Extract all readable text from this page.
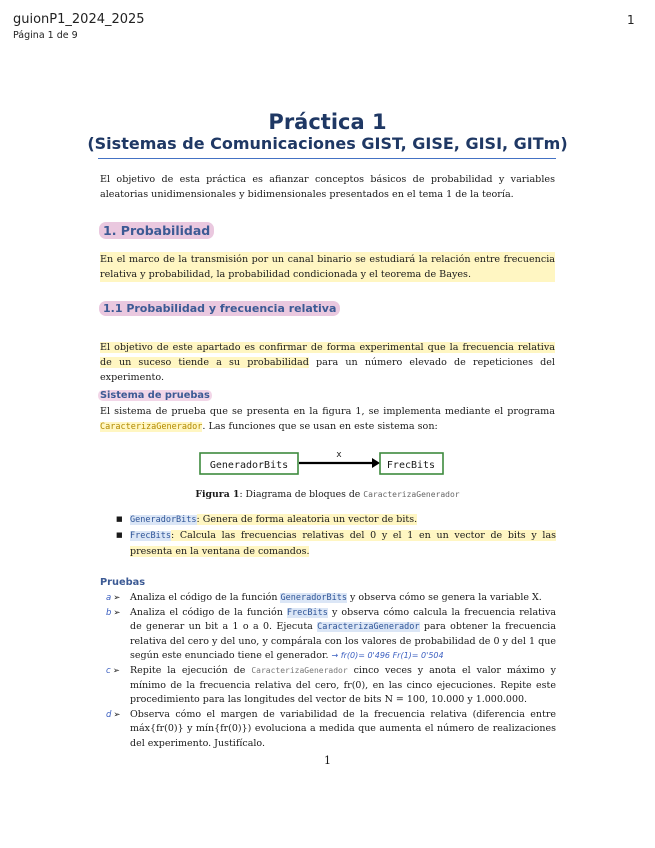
guionP1_2024_2025
Página 1 de 9
1
Práctica 1
(Sistemas de Comunicaciones GIST, GISE, GISI, GITm)
El objetivo de esta práctica es afianzar conceptos básicos de probabilidad y variables aleatorias unidimensionales y bidimensionales presentados en el tema 1 de la teoría.
1. Probabilidad
En el marco de la transmisión por un canal binario se estudiará la relación entre frecuencia relativa y probabilidad, la probabilidad condicionada y el teorema de Bayes.
1.1 Probabilidad y frecuencia relativa
El objetivo de este apartado es confirmar de forma experimental que la frecuencia relativa de un suceso tiende a su probabilidad para un número elevado de repeticiones del experimento.
Sistema de pruebas
El sistema de prueba que se presenta en la figura 1, se implementa mediante el programa CaracterizaGenerador. Las funciones que se usan en este sistema son:
GeneradorBits
x
FrecBits
Figura 1: Diagrama de bloques de CaracterizaGenerador
■ GeneradorBits: Genera de forma aleatoria un vector de bits.
■ FrecBits: Calcula las frecuencias relativas del 0 y el 1 en un vector de bits y las presenta en la ventana de comandos.
Pruebas
a ➢ Analiza el código de la función GeneradorBits y observa cómo se genera la variable X.
b ➢ Analiza el código de la función FrecBits y observa cómo calcula la frecuencia relativa de generar un bit a 1 o a 0. Ejecuta CaracterizaGenerador para obtener la frecuencia relativa del cero y del uno, y compárala con los valores de probabilidad de 0 y del 1 que según este enunciado tiene el generador. → fr(0)= 0'496 Fr(1)= 0'504
c ➢ Repite la ejecución de CaracterizaGenerador cinco veces y anota el valor máximo y mínimo de la frecuencia relativa del cero, fr(0), en las cinco ejecuciones. Repite este procedimiento para las longitudes del vector de bits N = 100, 10.000 y 1.000.000.
d ➢ Observa cómo el margen de variabilidad de la frecuencia relativa (diferencia entre máx{fr(0)} y mín{fr(0)}) evoluciona a medida que aumenta el número de realizaciones del experimento. Justifícalo.
1
